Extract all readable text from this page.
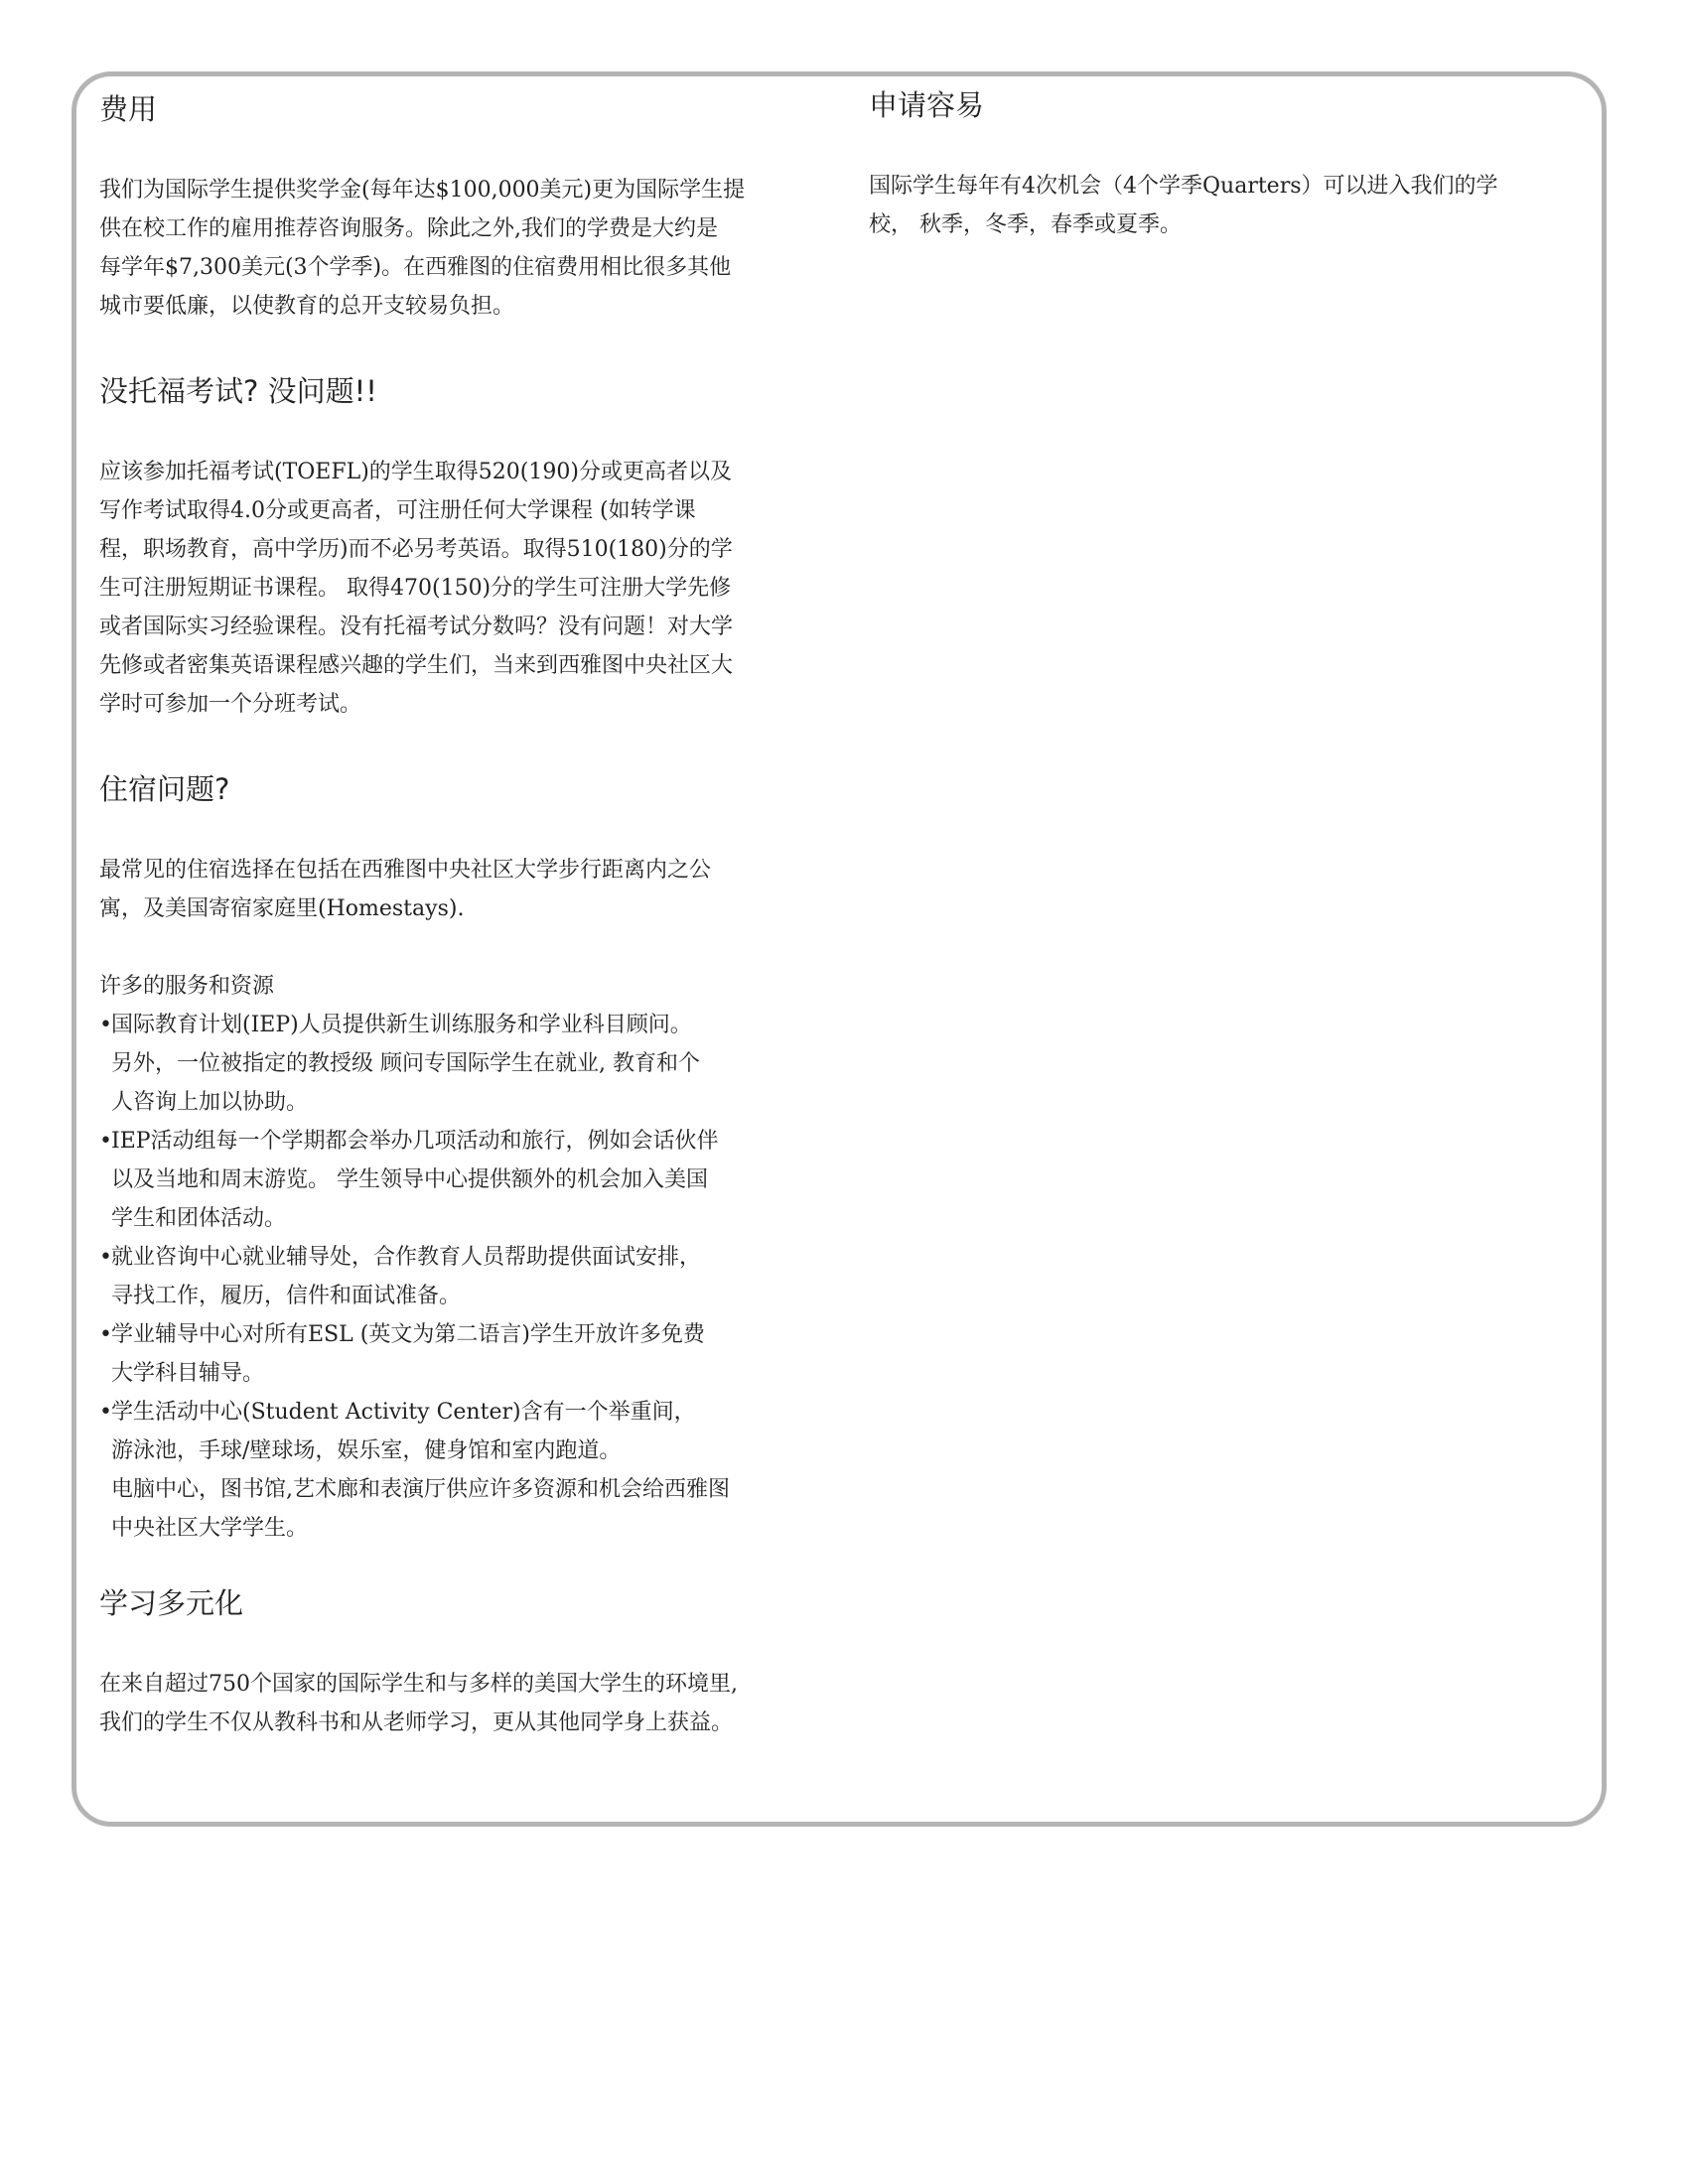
费用

我们为国际学生提供奖学金(每年达$100,000美元)更为国际学生提

供在校工作的雇用推荐咨询服务。除此之外,我们的学费是大约是

每学年$7,300美元(3个学季)。在西雅图的住宿费用相比很多其他

城市要低廉，以使教育的总开支较易负担。

没托福考试? 没问题!!

应该参加托福考试(TOEFL)的学生取得520(190)分或更高者以及

写作考试取得4.0分或更高者，可注册任何大学课程 (如转学课

程，职场教育，高中学历)而不必另考英语。取得510(180)分的学

生可注册短期证书课程。 取得470(150)分的学生可注册大学先修

或者国际实习经验课程。没有托福考试分数吗？没有问题！对大学

先修或者密集英语课程感兴趣的学生们，当来到西雅图中央社区大

学时可参加一个分班考试。

住宿问题?

最常见的住宿选择在包括在西雅图中央社区大学步行距离内之公

寓，及美国寄宿家庭里(Homestays).

许多的服务和资源

•国际教育计划(IEP)人员提供新生训练服务和学业科目顾问。
另外，一位被指定的教授级 顾问专国际学生在就业, 教育和个
人咨询上加以协助。
•IEP活动组每一个学期都会举办几项活动和旅行，例如会话伙伴
以及当地和周末游览。 学生领导中心提供额外的机会加入美国
学生和团体活动。
•就业咨询中心就业辅导处，合作教育人员帮助提供面试安排，
寻找工作，履历，信件和面试准备。
•学业辅导中心对所有ESL (英文为第二语言)学生开放许多免费
大学科目辅导。
•学生活动中心(Student Activity Center)含有一个举重间，
游泳池，手球/壁球场，娱乐室，健身馆和室内跑道。
电脑中心，图书馆,艺术廊和表演厅供应许多资源和机会给西雅图
中央社区大学学生。
学习多元化

在来自超过750个国家的国际学生和与多样的美国大学生的环境里,

我们的学生不仅从教科书和从老师学习，更从其他同学身上获益。

申请容易

国际学生每年有4次机会（4个学季Quarters）可以进入我们的学

校， 秋季，冬季，春季或夏季。
